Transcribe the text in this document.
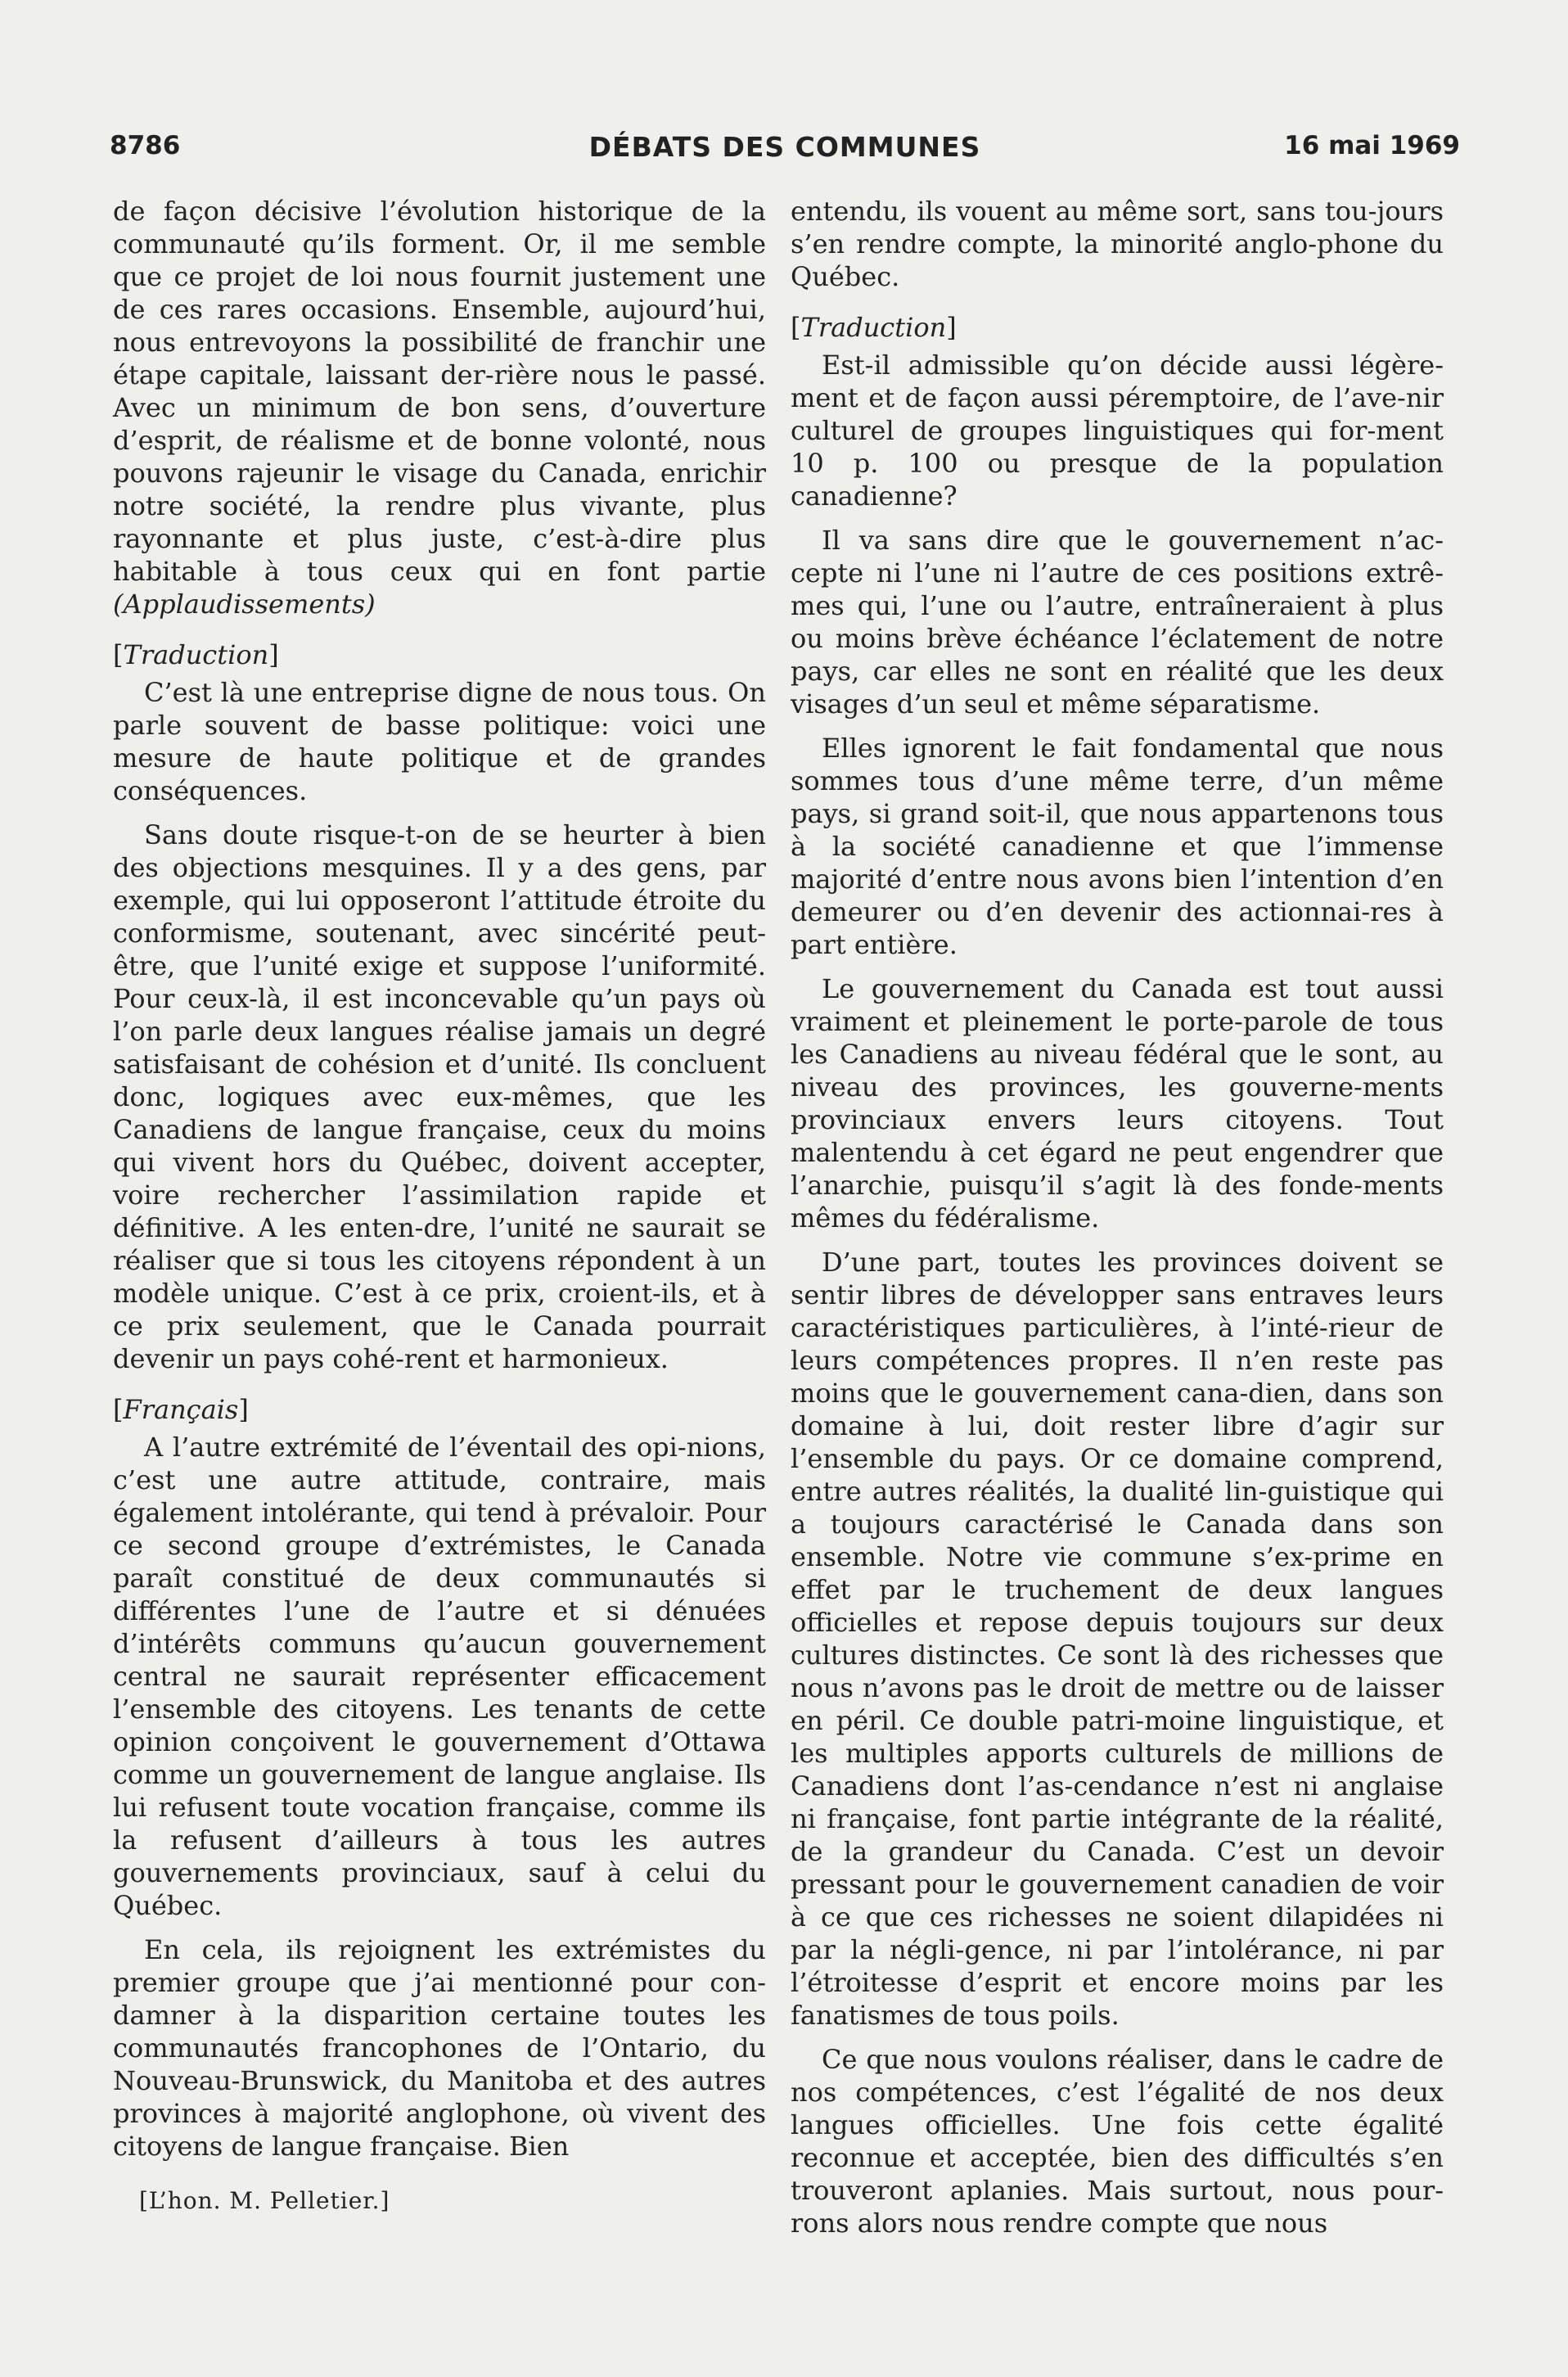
8786	DÉBATS DES COMMUNES	16 mai 1969

de façon décisive l’évolution historique de la communauté qu’ils forment. Or, il me semble que ce projet de loi nous fournit justement une de ces rares occasions. Ensemble, aujourd’hui, nous entrevoyons la possibilité de franchir une étape capitale, laissant der-rière nous le passé. Avec un minimum de bon sens, d’ouverture d’esprit, de réalisme et de bonne volonté, nous pouvons rajeunir le visage du Canada, enrichir notre société, la rendre plus vivante, plus rayonnante et plus juste, c’est-à-dire plus habitable à tous ceux qui en font partie (Applaudissements)

[Traduction]

C’est là une entreprise digne de nous tous. On parle souvent de basse politique: voici une mesure de haute politique et de grandes conséquences.

Sans doute risque-t-on de se heurter à bien des objections mesquines. Il y a des gens, par exemple, qui lui opposeront l’attitude étroite du conformisme, soutenant, avec sincérité peut-être, que l’unité exige et suppose l’uniformité. Pour ceux-là, il est inconcevable qu’un pays où l’on parle deux langues réalise jamais un degré satisfaisant de cohésion et d’unité. Ils concluent donc, logiques avec eux-mêmes, que les Canadiens de langue française, ceux du moins qui vivent hors du Québec, doivent accepter, voire rechercher l’assimilation rapide et définitive. A les enten-dre, l’unité ne saurait se réaliser que si tous les citoyens répondent à un modèle unique. C’est à ce prix, croient-ils, et à ce prix seulement, que le Canada pourrait devenir un pays cohé-rent et harmonieux.

[Français]

A l’autre extrémité de l’éventail des opi-nions, c’est une autre attitude, contraire, mais également intolérante, qui tend à prévaloir. Pour ce second groupe d’extrémistes, le Canada paraît constitué de deux communautés si différentes l’une de l’autre et si dénuées d’intérêts communs qu’aucun gouvernement central ne saurait représenter efficacement l’ensemble des citoyens. Les tenants de cette opinion conçoivent le gouvernement d’Ottawa comme un gouvernement de langue anglaise. Ils lui refusent toute vocation française, comme ils la refusent d’ailleurs à tous les autres gouvernements provinciaux, sauf à celui du Québec.

En cela, ils rejoignent les extrémistes du premier groupe que j’ai mentionné pour con-damner à la disparition certaine toutes les communautés francophones de l’Ontario, du Nouveau-Brunswick, du Manitoba et des autres provinces à majorité anglophone, où vivent des citoyens de langue française. Bien

entendu, ils vouent au même sort, sans tou-jours s’en rendre compte, la minorité anglo-phone du Québec.

[Traduction]

Est-il admissible qu’on décide aussi légère-ment et de façon aussi péremptoire, de l’ave-nir culturel de groupes linguistiques qui for-ment 10 p. 100 ou presque de la population canadienne?

Il va sans dire que le gouvernement n’ac-cepte ni l’une ni l’autre de ces positions extrê-mes qui, l’une ou l’autre, entraîneraient à plus ou moins brève échéance l’éclatement de notre pays, car elles ne sont en réalité que les deux visages d’un seul et même séparatisme.

Elles ignorent le fait fondamental que nous sommes tous d’une même terre, d’un même pays, si grand soit-il, que nous appartenons tous à la société canadienne et que l’immense majorité d’entre nous avons bien l’intention d’en demeurer ou d’en devenir des actionnai-res à part entière.

Le gouvernement du Canada est tout aussi vraiment et pleinement le porte-parole de tous les Canadiens au niveau fédéral que le sont, au niveau des provinces, les gouverne-ments provinciaux envers leurs citoyens. Tout malentendu à cet égard ne peut engendrer que l’anarchie, puisqu’il s’agit là des fonde-ments mêmes du fédéralisme.

D’une part, toutes les provinces doivent se sentir libres de développer sans entraves leurs caractéristiques particulières, à l’inté-rieur de leurs compétences propres. Il n’en reste pas moins que le gouvernement cana-dien, dans son domaine à lui, doit rester libre d’agir sur l’ensemble du pays. Or ce domaine comprend, entre autres réalités, la dualité lin-guistique qui a toujours caractérisé le Canada dans son ensemble. Notre vie commune s’ex-prime en effet par le truchement de deux langues officielles et repose depuis toujours sur deux cultures distinctes. Ce sont là des richesses que nous n’avons pas le droit de mettre ou de laisser en péril. Ce double patri-moine linguistique, et les multiples apports culturels de millions de Canadiens dont l’as-cendance n’est ni anglaise ni française, font partie intégrante de la réalité, de la grandeur du Canada. C’est un devoir pressant pour le gouvernement canadien de voir à ce que ces richesses ne soient dilapidées ni par la négli-gence, ni par l’intolérance, ni par l’étroitesse d’esprit et encore moins par les fanatismes de tous poils.

Ce que nous voulons réaliser, dans le cadre de nos compétences, c’est l’égalité de nos deux langues officielles. Une fois cette égalité reconnue et acceptée, bien des difficultés s’en trouveront aplanies. Mais surtout, nous pour-rons alors nous rendre compte que nous

[L’hon. M. Pelletier.]
